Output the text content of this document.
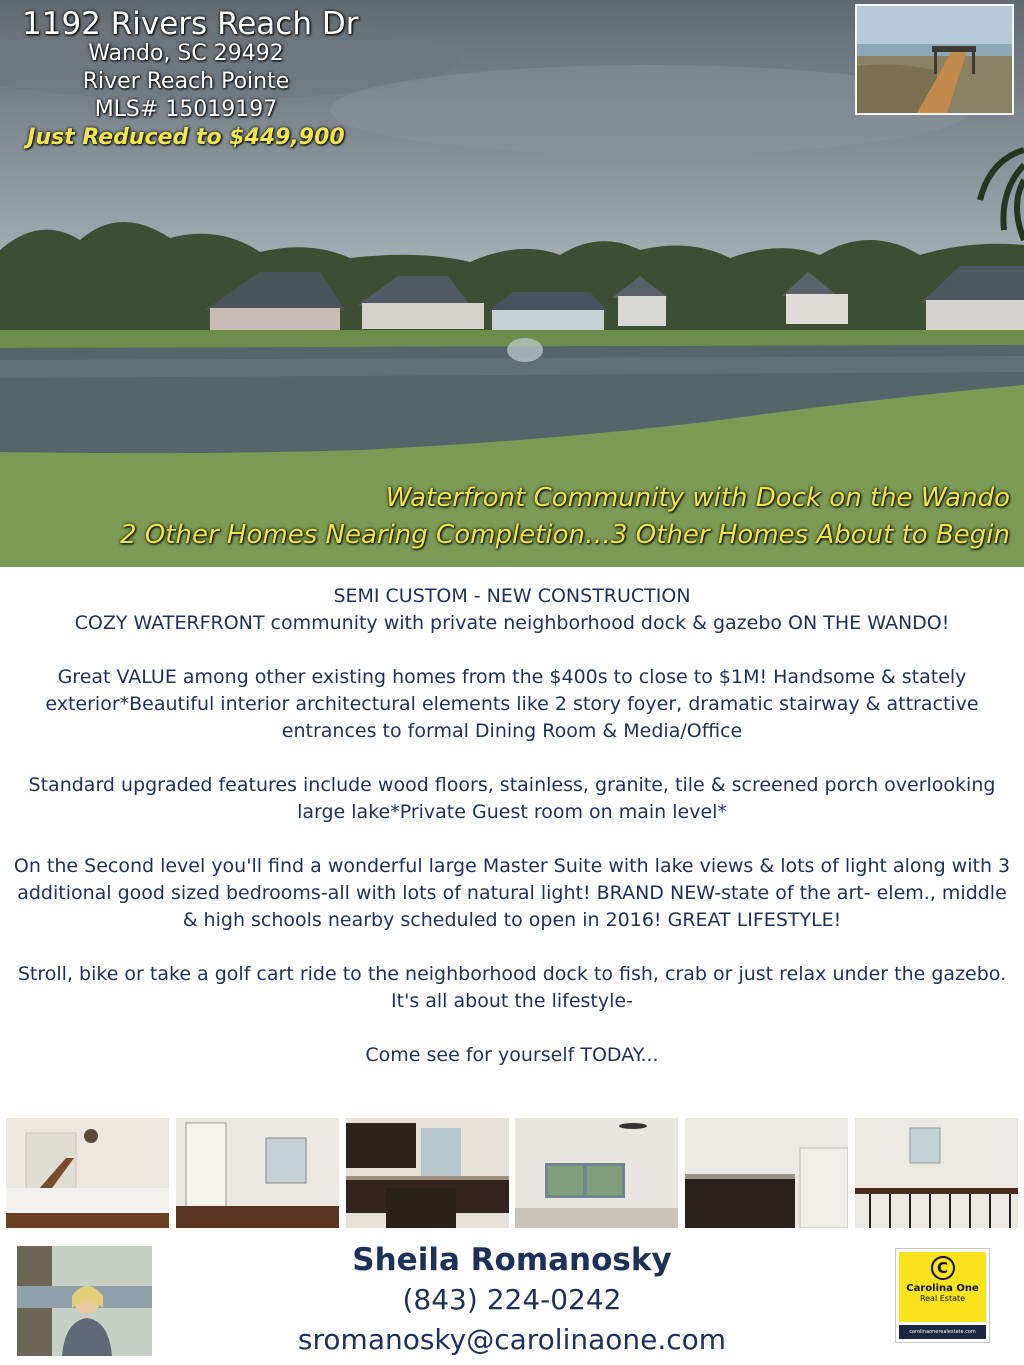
1192 Rivers Reach Dr
Wando, SC 29492
River Reach Pointe
MLS# 15019197
Just Reduced to $449,900
Waterfront Community with Dock on the Wando
2 Other Homes Nearing Completion…3 Other Homes About to Begin

SEMI CUSTOM - NEW CONSTRUCTION

COZY WATERFRONT community with private neighborhood dock & gazebo ON THE WANDO!

Great VALUE among other existing homes from the $400s to close to $1M! Handsome & stately exterior*Beautiful interior architectural elements like 2 story foyer, dramatic stairway & attractive entrances to formal Dining Room & Media/Office

Standard upgraded features include wood floors, stainless, granite, tile & screened porch overlooking large lake*Private Guest room on main level*

On the Second level you'll find a wonderful large Master Suite with lake views & lots of light along with 3 additional good sized bedrooms-all with lots of natural light! BRAND NEW-state of the art- elem., middle & high schools nearby scheduled to open in 2016! GREAT LIFESTYLE!

Stroll, bike or take a golf cart ride to the neighborhood dock to fish, crab or just relax under the gazebo. It's all about the lifestyle-

Come see for yourself TODAY...

Sheila Romanosky
(843) 224-0242
sromanosky@carolinaone.com
C
Carolina One
Real Estate
carolinaonerealestate.com
